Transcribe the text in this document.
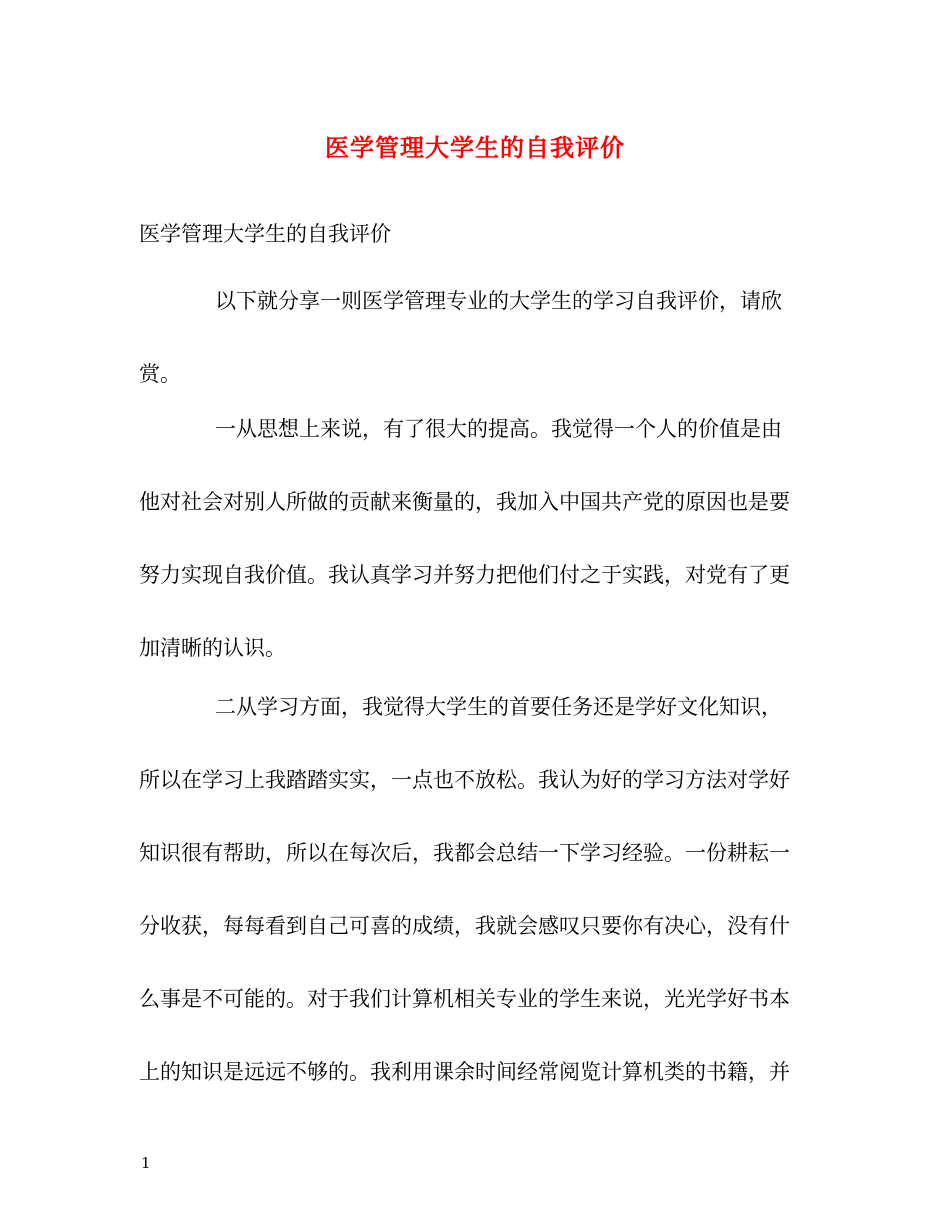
医学管理大学生的自我评价

医学管理大学生的自我评价

以下就分享一则医学管理专业的大学生的学习自我评价，请欣
赏。
一从思想上来说，有了很大的提高。我觉得一个人的价值是由
他对社会对别人所做的贡献来衡量的，我加入中国共产党的原因也是要
努力实现自我价值。我认真学习并努力把他们付之于实践，对党有了更
加清晰的认识。
二从学习方面，我觉得大学生的首要任务还是学好文化知识，
所以在学习上我踏踏实实，一点也不放松。我认为好的学习方法对学好
知识很有帮助，所以在每次后，我都会总结一下学习经验。一份耕耘一
分收获，每每看到自己可喜的成绩，我就会感叹只要你有决心，没有什
么事是不可能的。对于我们计算机相关专业的学生来说，光光学好书本
上的知识是远远不够的。我利用课余时间经常阅览计算机类的书籍，并

1
